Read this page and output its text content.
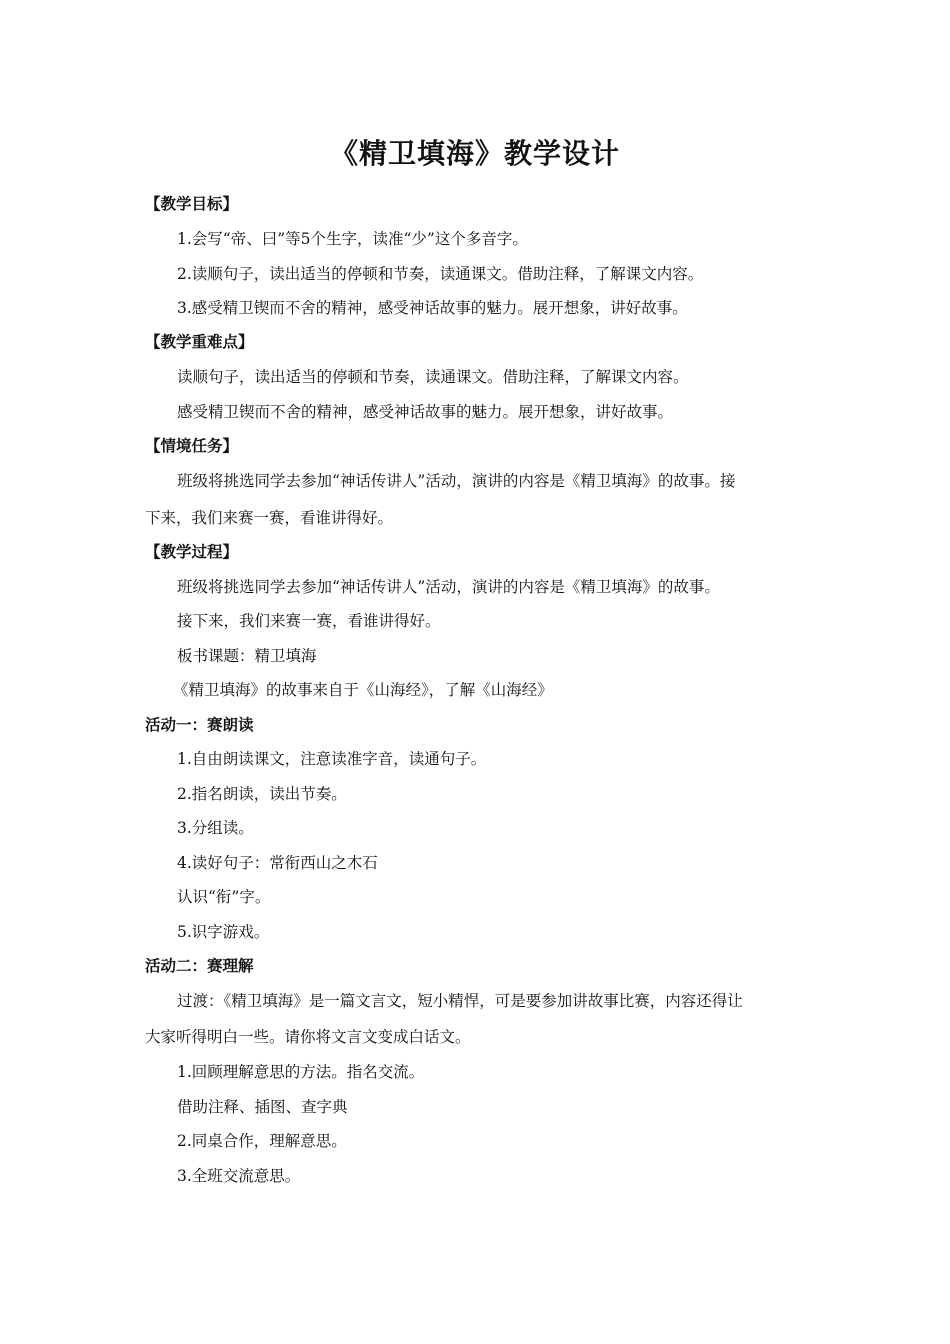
《精卫填海》教学设计
【教学目标】
1.会写“帝、曰”等5个生字，读准“少”这个多音字。
2.读顺句子，读出适当的停顿和节奏，读通课文。借助注释，了解课文内容。
3.感受精卫锲而不舍的精神，感受神话故事的魅力。展开想象，讲好故事。
【教学重难点】
读顺句子，读出适当的停顿和节奏，读通课文。借助注释，了解课文内容。
感受精卫锲而不舍的精神，感受神话故事的魅力。展开想象，讲好故事。
【情境任务】
班级将挑选同学去参加“神话传讲人”活动，演讲的内容是《精卫填海》的故事。接
下来，我们来赛一赛，看谁讲得好。
【教学过程】
班级将挑选同学去参加“神话传讲人”活动，演讲的内容是《精卫填海》的故事。
接下来，我们来赛一赛，看谁讲得好。
板书课题：精卫填海
《精卫填海》的故事来自于《山海经》，了解《山海经》
活动一：赛朗读
1.自由朗读课文，注意读准字音，读通句子。
2.指名朗读，读出节奏。
3.分组读。
4.读好句子：常衔西山之木石
认识“衔”字。
5.识字游戏。
活动二：赛理解
过渡：《精卫填海》是一篇文言文，短小精悍，可是要参加讲故事比赛，内容还得让
大家听得明白一些。请你将文言文变成白话文。
1.回顾理解意思的方法。指名交流。
借助注释、插图、查字典
2.同桌合作，理解意思。
3.全班交流意思。
